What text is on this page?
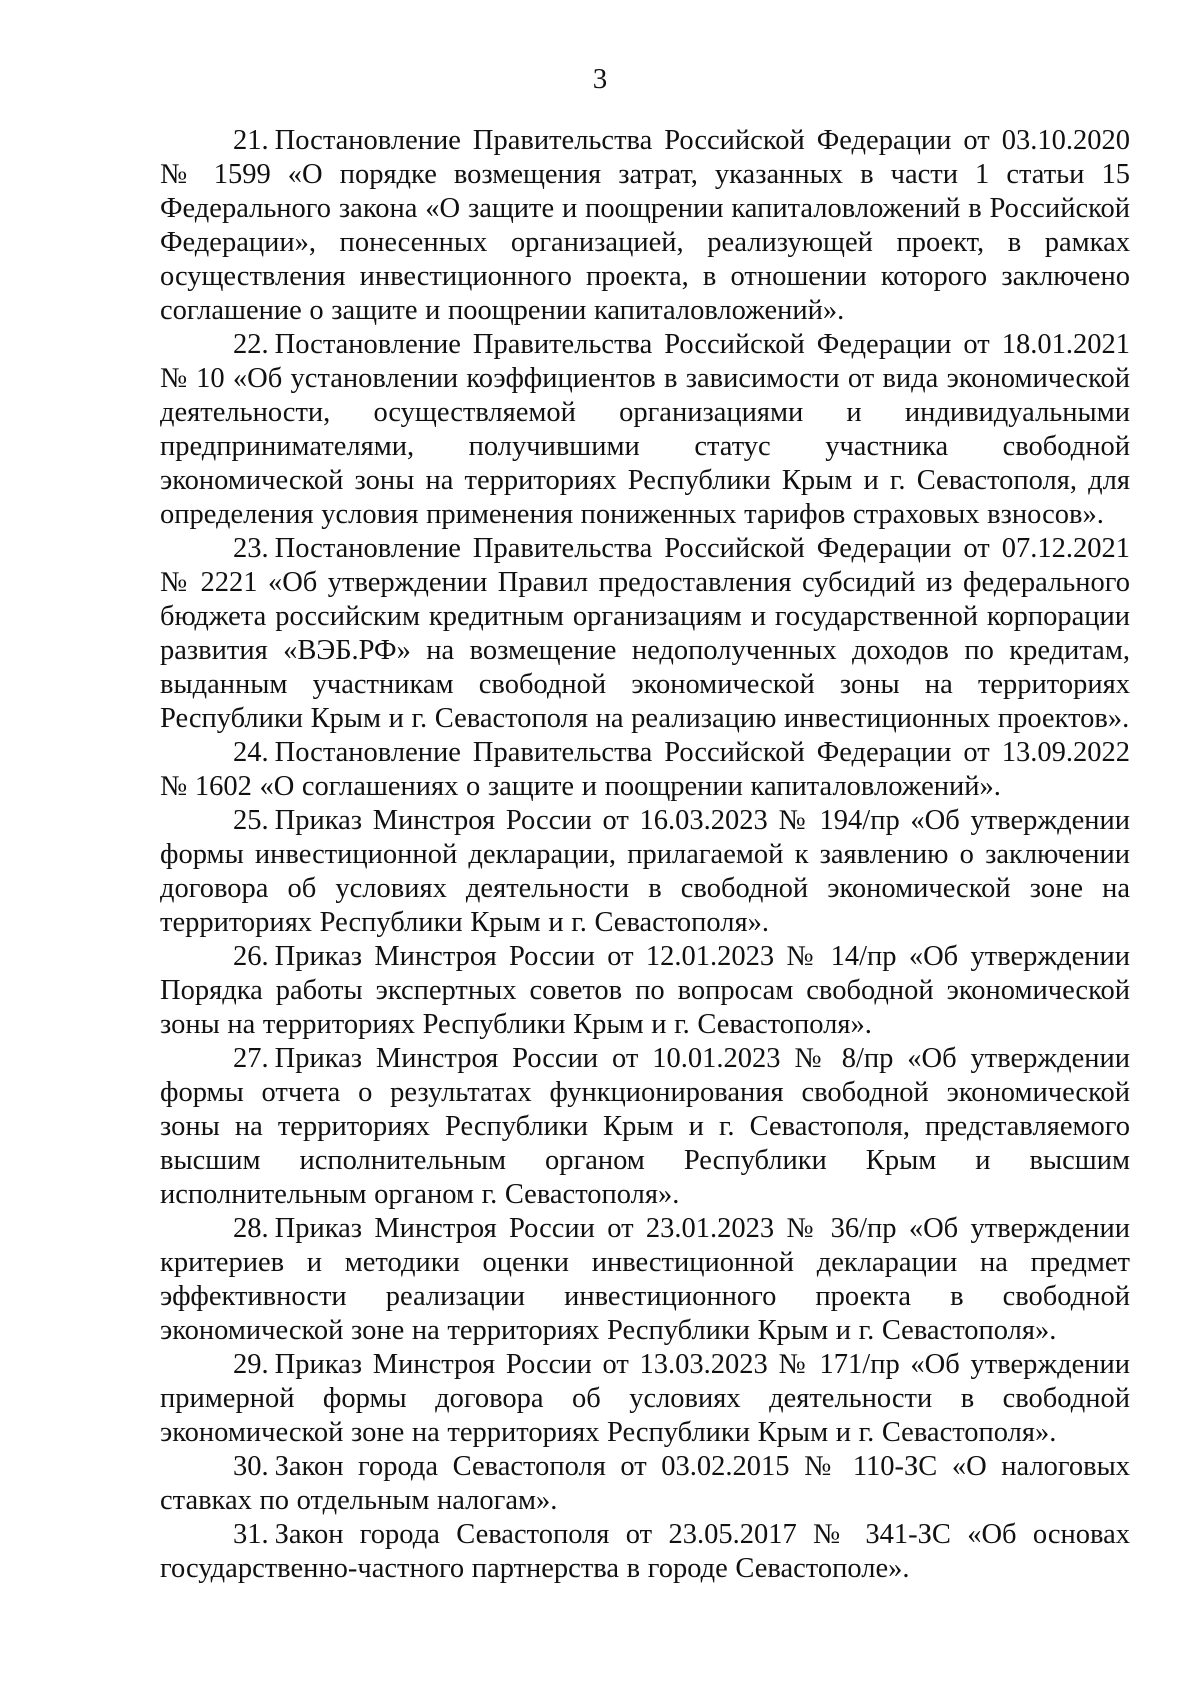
3

21. Постановление Правительства Российской Федерации от 03.10.2020 № 1599 «О порядке возмещения затрат, указанных в части 1 статьи 15 Федерального закона «О защите и поощрении капиталовложений в Российской Федерации», понесенных организацией, реализующей проект, в рамках осуществления инвестиционного проекта, в отношении которого заключено соглашение о защите и поощрении капиталовложений».

22. Постановление Правительства Российской Федерации от 18.01.2021 № 10 «Об установлении коэффициентов в зависимости от вида экономической деятельности, осуществляемой организациями и индивидуальными предпринимателями, получившими статус участника свободной экономической зоны на территориях Республики Крым и г. Севастополя, для определения условия применения пониженных тарифов страховых взносов».

23. Постановление Правительства Российской Федерации от 07.12.2021 № 2221 «Об утверждении Правил предоставления субсидий из федерального бюджета российским кредитным организациям и государственной корпорации развития «ВЭБ.РФ» на возмещение недополученных доходов по кредитам, выданным участникам свободной экономической зоны на территориях Республики Крым и г. Севастополя на реализацию инвестиционных проектов».

24. Постановление Правительства Российской Федерации от 13.09.2022 № 1602 «О соглашениях о защите и поощрении капиталовложений».

25. Приказ Минстроя России от 16.03.2023 № 194/пр «Об утверждении формы инвестиционной декларации, прилагаемой к заявлению о заключении договора об условиях деятельности в свободной экономической зоне на территориях Республики Крым и г. Севастополя».

26. Приказ Минстроя России от 12.01.2023 № 14/пр «Об утверждении Порядка работы экспертных советов по вопросам свободной экономической зоны на территориях Республики Крым и г. Севастополя».

27. Приказ Минстроя России от 10.01.2023 № 8/пр «Об утверждении формы отчета о результатах функционирования свободной экономической зоны на территориях Республики Крым и г. Севастополя, представляемого высшим исполнительным органом Республики Крым и высшим исполнительным органом г. Севастополя».

28. Приказ Минстроя России от 23.01.2023 № 36/пр «Об утверждении критериев и методики оценки инвестиционной декларации на предмет эффективности реализации инвестиционного проекта в свободной экономической зоне на территориях Республики Крым и г. Севастополя».

29. Приказ Минстроя России от 13.03.2023 № 171/пр «Об утверждении примерной формы договора об условиях деятельности в свободной экономической зоне на территориях Республики Крым и г. Севастополя».

30. Закон города Севастополя от 03.02.2015 № 110-ЗС «О налоговых ставках по отдельным налогам».

31. Закон города Севастополя от 23.05.2017 № 341-ЗС «Об основах государственно-частного партнерства в городе Севастополе».
